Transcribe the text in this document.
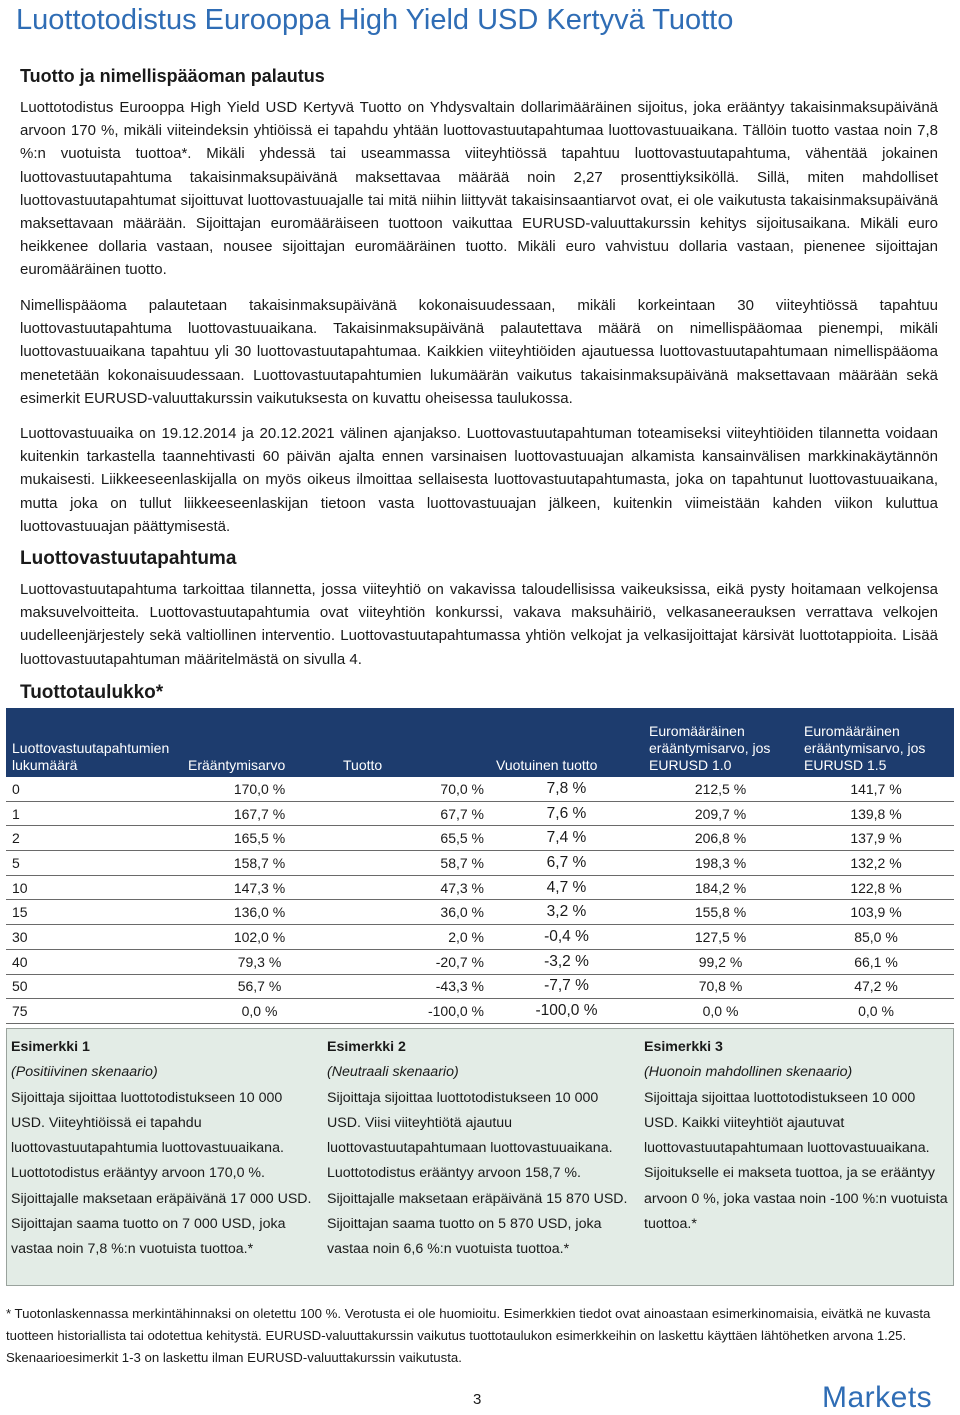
Luottotodistus Eurooppa High Yield USD Kertyvä Tuotto
Tuotto ja nimellispääoman palautus

Luottotodistus Eurooppa High Yield USD Kertyvä Tuotto on Yhdysvaltain dollarimääräinen sijoitus, joka erääntyy takaisinmaksupäivänä arvoon 170 %, mikäli viiteindeksin yhtiöissä ei tapahdu yhtään luottovastuutapahtumaa luottovastuuaikana. Tällöin tuotto vastaa noin 7,8 %:n vuotuista tuottoa*. Mikäli yhdessä tai useammassa viiteyhtiössä tapahtuu luottovastuutapahtuma, vähentää jokainen luottovastuutapahtuma takaisinmaksupäivänä maksettavaa määrää noin 2,27 prosenttiyksiköllä. Sillä, miten mahdolliset luottovastuutapahtumat sijoittuvat luottovastuuajalle tai mitä niihin liittyvät takaisinsaantiarvot ovat, ei ole vaikutusta takaisinmaksupäivänä maksettavaan määrään. Sijoittajan euromääräiseen tuottoon vaikuttaa EURUSD-valuuttakurssin kehitys sijoitusaikana. Mikäli euro heikkenee dollaria vastaan, nousee sijoittajan euromääräinen tuotto. Mikäli euro vahvistuu dollaria vastaan, pienenee sijoittajan euromääräinen tuotto.

Nimellispääoma palautetaan takaisinmaksupäivänä kokonaisuudessaan, mikäli korkeintaan 30 viiteyhtiössä tapahtuu luottovastuutapahtuma luottovastuuaikana. Takaisinmaksupäivänä palautettava määrä on nimellispääomaa pienempi, mikäli luottovastuuaikana tapahtuu yli 30 luottovastuutapahtumaa. Kaikkien viiteyhtiöiden ajautuessa luottovastuutapahtumaan nimellispääoma menetetään kokonaisuudessaan. Luottovastuutapahtumien lukumäärän vaikutus takaisinmaksupäivänä maksettavaan määrään sekä esimerkit EURUSD-valuuttakurssin vaikutuksesta on kuvattu oheisessa taulukossa.

Luottovastuuaika on 19.12.2014 ja 20.12.2021 välinen ajanjakso. Luottovastuutapahtuman toteamiseksi viiteyhtiöiden tilannetta voidaan kuitenkin tarkastella taannehtivasti 60 päivän ajalta ennen varsinaisen luottovastuuajan alkamista kansainvälisen markkinakäytännön mukaisesti. Liikkeeseenlaskijalla on myös oikeus ilmoittaa sellaisesta luottovastuutapahtumasta, joka on tapahtunut luottovastuuaikana, mutta joka on tullut liikkeeseenlaskijan tietoon vasta luottovastuuajan jälkeen, kuitenkin viimeistään kahden viikon kuluttua luottovastuuajan päättymisestä.

Luottovastuutapahtuma

Luottovastuutapahtuma tarkoittaa tilannetta, jossa viiteyhtiö on vakavissa taloudellisissa vaikeuksissa, eikä pysty hoitamaan velkojensa maksuvelvoitteita. Luottovastuutapahtumia ovat viiteyhtiön konkurssi, vakava maksuhäiriö, velkasaneerauksen verrattava velkojen uudelleenjärjestely sekä valtiollinen interventio. Luottovastuutapahtumassa yhtiön velkojat ja velkasijoittajat kärsivät luottotappioita. Lisää luottovastuutapahtuman määritelmästä on sivulla 4.

Tuottotaulukko*
Luottovastuutapahtumien lukumäärä	Erääntymisarvo	Tuotto	Vuotuinen tuotto	Euromääräinen erääntymisarvo, jos EURUSD 1.0	Euromääräinen erääntymisarvo, jos EURUSD 1.5
0	170,0 %	70,0 %	7,8 %	212,5 %	141,7 %
1	167,7 %	67,7 %	7,6 %	209,7 %	139,8 %
2	165,5 %	65,5 %	7,4 %	206,8 %	137,9 %
5	158,7 %	58,7 %	6,7 %	198,3 %	132,2 %
10	147,3 %	47,3 %	4,7 %	184,2 %	122,8 %
15	136,0 %	36,0 %	3,2 %	155,8 %	103,9 %
30	102,0 %	2,0 %	-0,4 %	127,5 %	85,0 %
40	79,3 %	-20,7 %	-3,2 %	99,2 %	66,1 %
50	56,7 %	-43,3 %	-7,7 %	70,8 %	47,2 %
75	0,0 %	-100,0 %	-100,0 %	0,0 %	0,0 %
Esimerkki 1
(Positiivinen skenaario)
Sijoittaja sijoittaa luottotodistukseen 10 000 USD. Viiteyhtiöissä ei tapahdu luottovastuutapahtumia luottovastuuaikana. Luottotodistus erääntyy arvoon 170,0 %. Sijoittajalle maksetaan eräpäivänä 17 000 USD. Sijoittajan saama tuotto on 7 000 USD, joka vastaa noin 7,8 %:n vuotuista tuottoa.*
Esimerkki 2
(Neutraali skenaario)
Sijoittaja sijoittaa luottotodistukseen 10 000 USD. Viisi viiteyhtiötä ajautuu luottovastuutapahtumaan luottovastuuaikana. Luottotodistus erääntyy arvoon 158,7 %. Sijoittajalle maksetaan eräpäivänä 15 870 USD. Sijoittajan saama tuotto on 5 870 USD, joka vastaa noin 6,6 %:n vuotuista tuottoa.*
Esimerkki 3
(Huonoin mahdollinen skenaario)
Sijoittaja sijoittaa luottotodistukseen 10 000 USD. Kaikki viiteyhtiöt ajautuvat luottovastuutapahtumaan luottovastuuaikana. Sijoitukselle ei makseta tuottoa, ja se erääntyy arvoon 0 %, joka vastaa noin -100 %:n vuotuista tuottoa.*

* Tuotonlaskennassa merkintähinnaksi on oletettu 100 %. Verotusta ei ole huomioitu. Esimerkkien tiedot ovat ainoastaan esimerkinomaisia, eivätkä ne kuvasta tuotteen historiallista tai odotettua kehitystä. EURUSD-valuuttakurssin vaikutus tuottotaulukon esimerkkeihin on laskettu käyttäen lähtöhetken arvona 1.25. Skenaarioesimerkit 1-3 on laskettu ilman EURUSD-valuuttakurssin vaikutusta.

3	Markets
